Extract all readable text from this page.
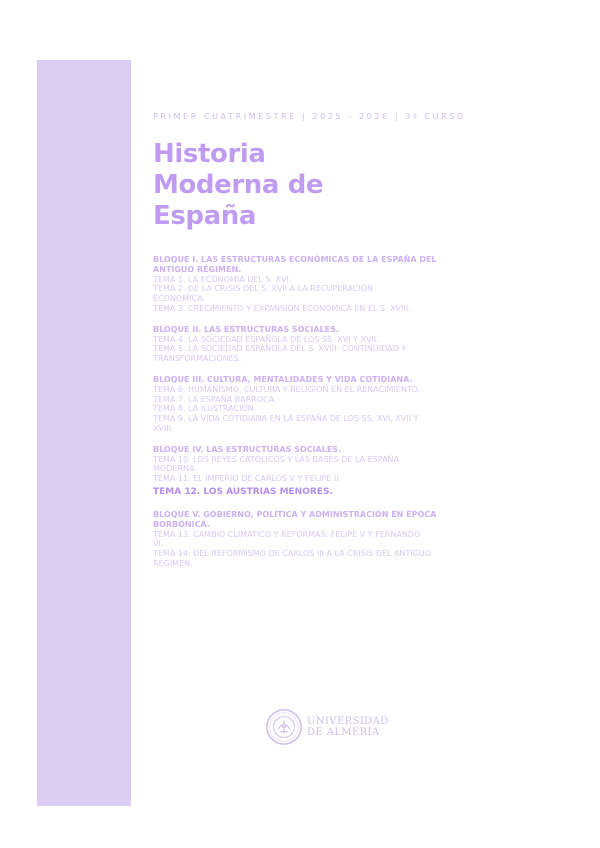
PRIMER CUATRIMESTRE | 2025 - 2026 | 3º CURSO
Historia
Moderna de
España
BLOQUE I. LAS ESTRUCTURAS ECONÓMICAS DE LA ESPAÑA DEL
ANTIGUO RÉGIMEN.
TEMA 1. LA ECONOMÍA DEL S. XVI.
TEMA 2. DE LA CRISIS DEL S. XVII A LA RECUPERACIÓN
ECONÓMICA.
TEMA 3. CRECIMIENTO Y EXPANSIÓN ECONÓMICA EN EL S. XVIII.
BLOQUE II. LAS ESTRUCTURAS SOCIALES.
TEMA 4. LA SOCIEDAD ESPAÑOLA DE LOS SS. XVI Y XVII.
TEMA 5. LA SOCIEDAD ESPAÑOLA DEL S. XVIII: CONTINUIDAD Y
TRANSFORMACIONES.
BLOQUE III. CULTURA, MENTALIDADES Y VIDA COTIDIANA.
TEMA 6. HUMANISMO, CULTURA Y RELIGIÓN EN EL RENACIMIENTO.
TEMA 7. LA ESPAÑA BARROCA.
TEMA 8. LA ILUSTRACIÓN.
TEMA 9. LA VIDA COTIDIANA EN LA ESPAÑA DE LOS SS. XVI, XVII Y
XVIII.
BLOQUE IV. LAS ESTRUCTURAS SOCIALES.
TEMA 10. LOS REYES CATÓLICOS Y LAS BASES DE LA ESPAÑA
MODERNA.
TEMA 11. EL IMPERIO DE CARLOS V Y FELIPE II.
TEMA 12. LOS AUSTRIAS MENORES.
BLOQUE V. GOBIERNO, POLÍTICA Y ADMINISTRACIÓN EN ÉPOCA
BORBÓNICA.
TEMA 13. CAMBIO CLIMÁTICO Y REFORMAS: FELIPE V Y FERNANDO
VI.
TEMA 14. DEL REFORMISMO DE CARLOS III A LA CRISIS DEL ANTIGUO
RÉGIMEN.
UNIVERSIDAD
DE ALMERÍA
